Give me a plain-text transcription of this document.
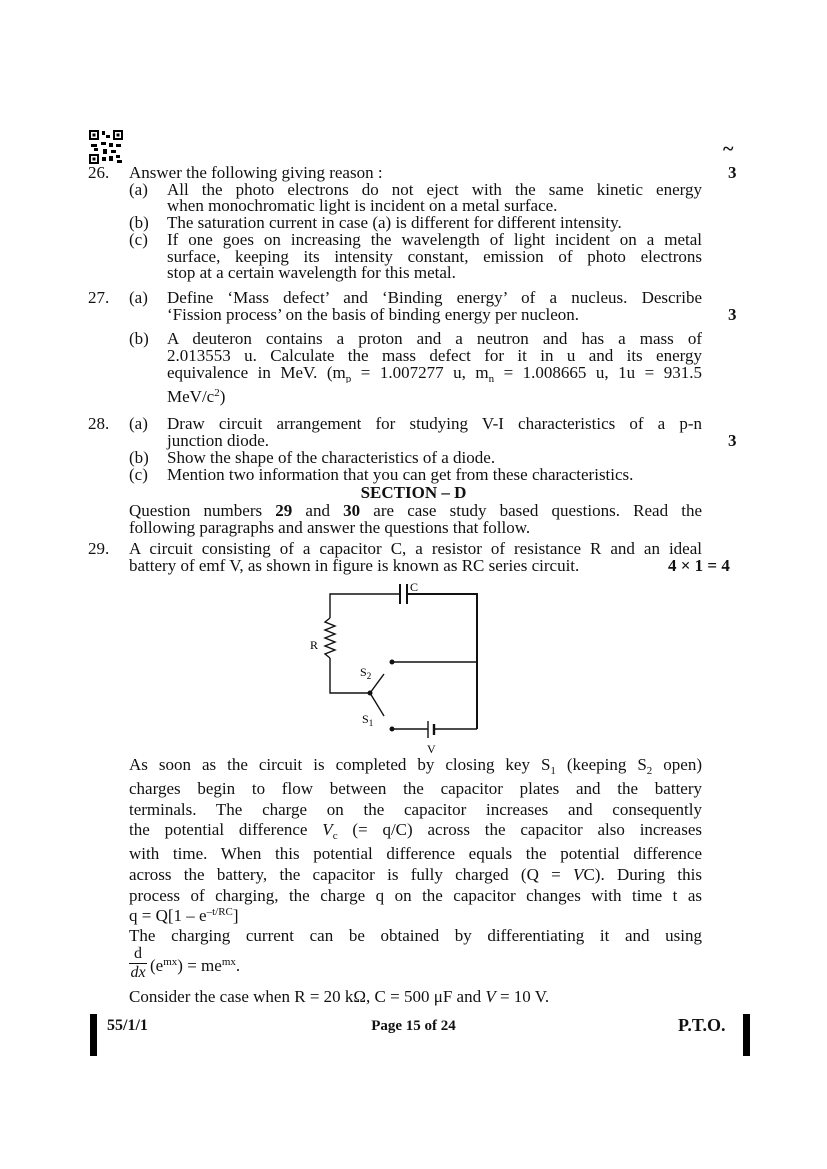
~
26. Answer the following giving reason :	3
(a) All the photo electrons do not eject with the same kinetic energy
when monochromatic light is incident on a metal surface.
(b) The saturation current in case (a) is different for different intensity.
(c) If one goes on increasing the wavelength of light incident on a metal
surface, keeping its intensity constant, emission of photo electrons
stop at a certain wavelength for this metal.
27. (a) Define ‘Mass defect’ and ‘Binding energy’ of a nucleus. Describe
‘Fission process’ on the basis of binding energy per nucleon.	3
(b) A deuteron contains a proton and a neutron and has a mass of
2.013553 u. Calculate the mass defect for it in u and its energy
equivalence in MeV. ($m_p = 1.007277$ u, $m_n = 1.008665$ u, 1u = 931.5
MeV/$c^2$)
28. (a) Draw circuit arrangement for studying V-I characteristics of a p-n
junction diode.	3
(b) Show the shape of the characteristics of a diode.
(c) Mention two information that you can get from these characteristics.
SECTION – D
Question numbers 29 and 30 are case study based questions. Read the
following paragraphs and answer the questions that follow.
29. A circuit consisting of a capacitor C, a resistor of resistance R and an ideal
battery of emf V, as shown in figure is known as RC series circuit.	4 × 1 = 4
C
R
$S_2$
$S_1$
V
As soon as the circuit is completed by closing key $S_1$ (keeping $S_2$ open)
charges begin to flow between the capacitor plates and the battery
terminals. The charge on the capacitor increases and consequently
the potential difference $V_c$ (= q/C) across the capacitor also increases
with time. When this potential difference equals the potential difference
across the battery, the capacitor is fully charged (Q = VC). During this
process of charging, the charge q on the capacitor changes with time t as
$q = Q[1 - e^{-t/RC}]$
The charging current can be obtained by differentiating it and using
$\frac{d}{dx} (e^{mx}) = me^{mx}$.
Consider the case when R = 20 kΩ, C = 500 μF and V = 10 V.
55/1/1	Page 15 of 24	P.T.O.
